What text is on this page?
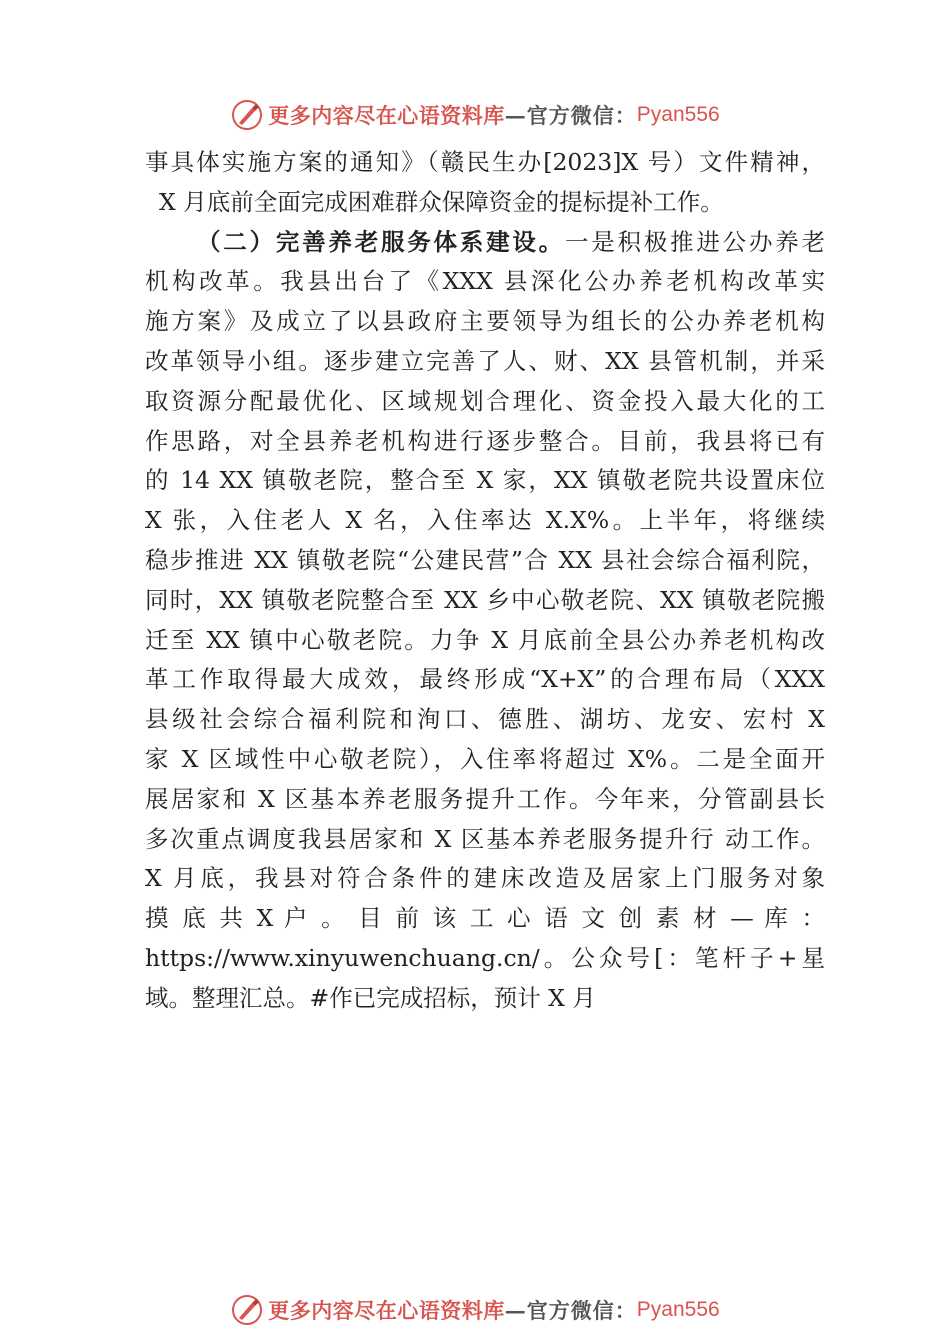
更多内容尽在心语资料库 —官方微信： Pyan556
事具体实施方案的通知》（赣民生办[2023]X 号）文件精神，
X 月底前全面完成困难群众保障资金的提标提补工作。
（二）完善养老服务体系建设。一是积极推进公办养老
机构改革。我县出台了《XXX 县深化公办养老机构改革实
施方案》及成立了以县政府主要领导为组长的公办养老机构
改革领导小组。逐步建立完善了人、财、XX 县管机制，并采
取资源分配最优化、区域规划合理化、资金投入最大化的工
作思路，对全县养老机构进行逐步整合。目前，我县将已有
的 14 XX 镇敬老院，整合至 X 家，XX 镇敬老院共设置床位
X 张，入住老人 X 名，入住率达 X.X%。上半年，将继续
稳步推进 XX 镇敬老院“公建民营”合 XX 县社会综合福利院，
同时，XX 镇敬老院整合至 XX 乡中心敬老院、XX 镇敬老院搬
迁至 XX 镇中心敬老院。力争 X 月底前全县公办养老机构改
革工作取得最大成效，最终形成“X+X”的合理布局（XXX
县级社会综合福利院和洵口、德胜、湖坊、龙安、宏村 X
家 X 区域性中心敬老院），入住率将超过 X%。二是全面开
展居家和 X 区基本养老服务提升工作。今年来，分管副县长
多次重点调度我县居家和 X 区基本养老服务提升行 动工作。
X 月底，我县对符合条件的建床改造及居家上门服务对象
摸 底 共 X 户 。 目 前 该 工 心 语 文 创 素 材 — 库 ：
https://www.xinyuwenchuang.cn/。公众号[：笔杆子+星
域。整理汇总。#作已完成招标，预计 X 月
更多内容尽在心语资料库 —官方微信： Pyan556
